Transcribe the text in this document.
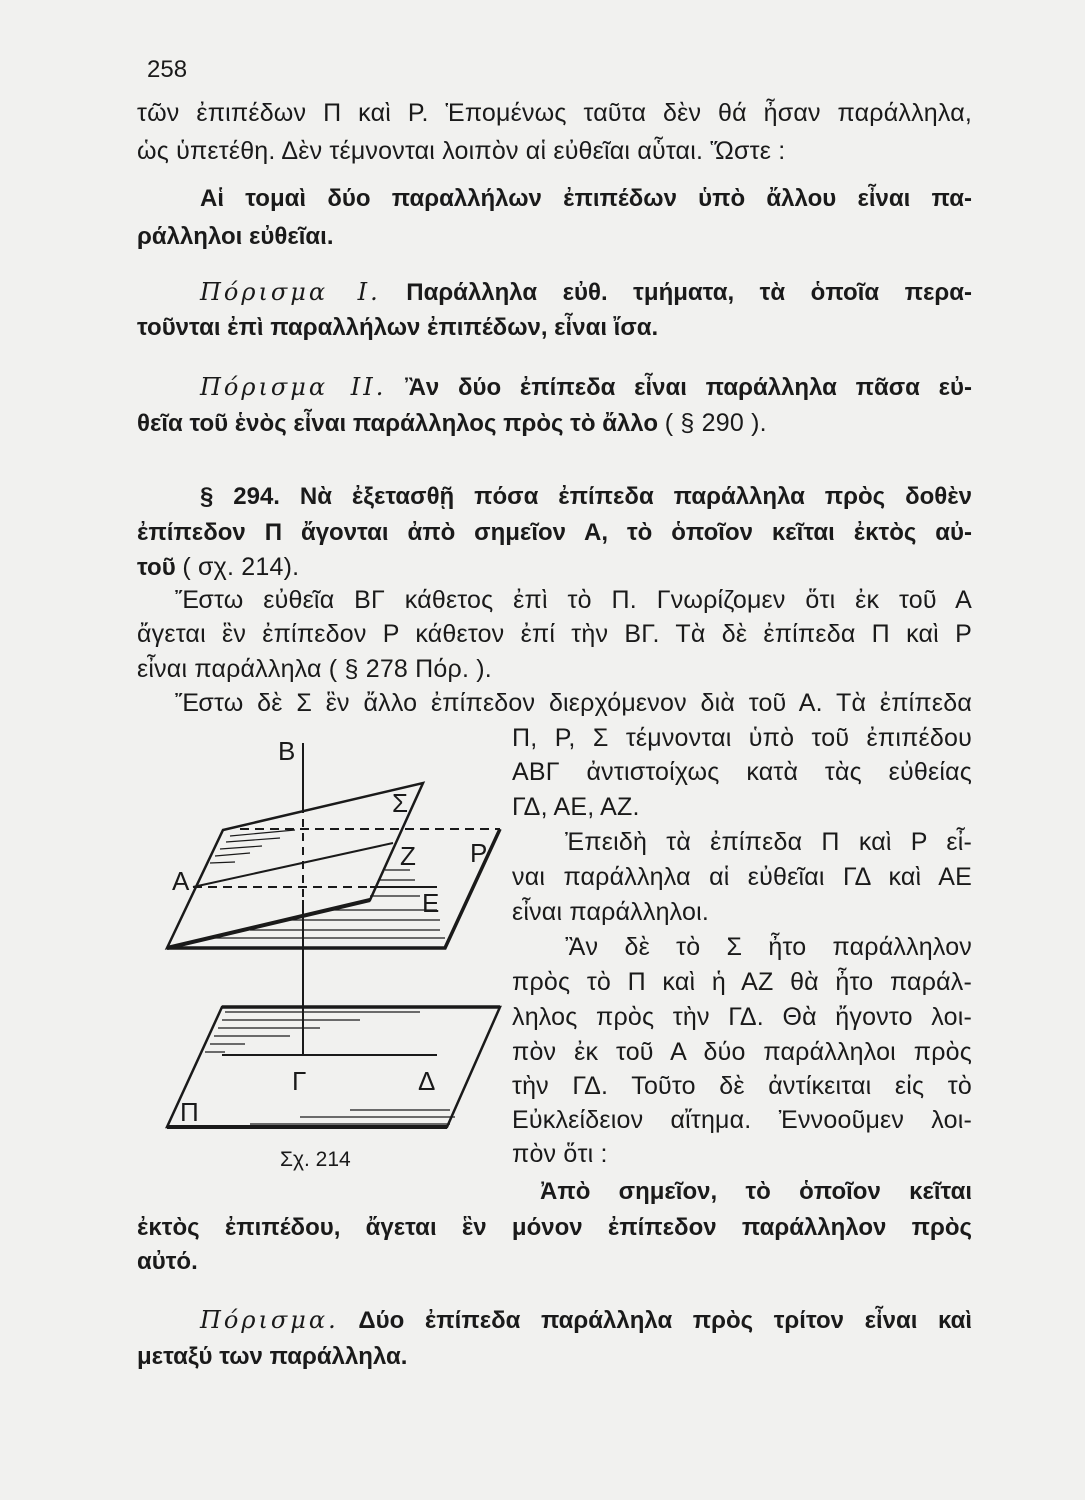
258
τῶν ἐπιπέδων Π καὶ Ρ. Ἑπομένως ταῦτα δὲν θά ἦσαν παράλληλα,
ὡς ὑπετέθη. Δὲν τέμνονται λοιπὸν αἱ εὐθεῖαι αὗται. Ὥστε :
Αἱ τομαὶ δύο παραλλήλων ἐπιπέδων ὑπὸ ἄλλου εἶναι πα-
ράλληλοι εὐθεῖαι.
Πόρισμα Ι. Παράλληλα εὐθ. τμήματα, τὰ ὁποῖα περα-
τοῦνται ἐπὶ παραλλήλων ἐπιπέδων, εἶναι ἴσα.
Πόρισμα ΙΙ. Ἂν δύο ἐπίπεδα εἶναι παράλληλα πᾶσα εὐ-
θεῖα τοῦ ἑνὸς εἶναι παράλληλος πρὸς τὸ ἄλλο ( § 290 ).
§ 294. Νὰ ἐξετασθῇ πόσα ἐπίπεδα παράλληλα πρὸς δοθὲν
ἐπίπεδον Π ἄγονται ἀπὸ σημεῖον Α, τὸ ὁποῖον κεῖται ἐκτὸς αὐ-
τοῦ ( σχ. 214).
Ἔστω εὐθεῖα ΒΓ κάθετος ἐπὶ τὸ Π. Γνωρίζομεν ὅτι ἐκ τοῦ Α
ἄγεται ἓν ἐπίπεδον Ρ κάθετον ἐπί τὴν ΒΓ. Τὰ δὲ ἐπίπεδα Π καὶ Ρ
εἶναι παράλληλα ( § 278 Πόρ. ).
Ἔστω δὲ Σ ἓν ἄλλο ἐπίπεδον διερχόμενον διὰ τοῦ Α. Τὰ ἐπίπεδα
Π, Ρ, Σ τέμνονται ὑπὸ τοῦ ἐπιπέδου
ΑΒΓ ἀντιστοίχως κατὰ τὰς εὐθείας
ΓΔ, ΑΕ, ΑΖ.
Ἐπειδὴ τὰ ἐπίπεδα Π καὶ Ρ εἶ-
ναι παράλληλα αἱ εὐθεῖαι ΓΔ καὶ ΑΕ
εἶναι παράλληλοι.
Ἂν δὲ τὸ Σ ἦτο παράλληλον
πρὸς τὸ Π καὶ ἡ ΑΖ θὰ ἦτο παράλ-
ληλος πρὸς τὴν ΓΔ. Θὰ ἤγοντο λοι-
πὸν ἐκ τοῦ Α δύο παράλληλοι πρὸς
τὴν ΓΔ. Τοῦτο δὲ ἀντίκειται εἰς τὸ
Εὐκλείδειον αἴτημα. Ἐννοοῦμεν λοι-
πὸν ὅτι :
Ἀπὸ σημεῖον, τὸ ὁποῖον κεῖται
ἐκτὸς ἐπιπέδου, ἄγεται ἓν μόνον ἐπίπεδον παράλληλον πρὸς
αὐτό.
Πόρισμα. Δύο ἐπίπεδα παράλληλα πρὸς τρίτον εἶναι καὶ
μεταξύ των παράλληλα.
Β
Σ
Ζ Ρ
Α
Ε
Γ	Δ
Π
Σχ. 214
